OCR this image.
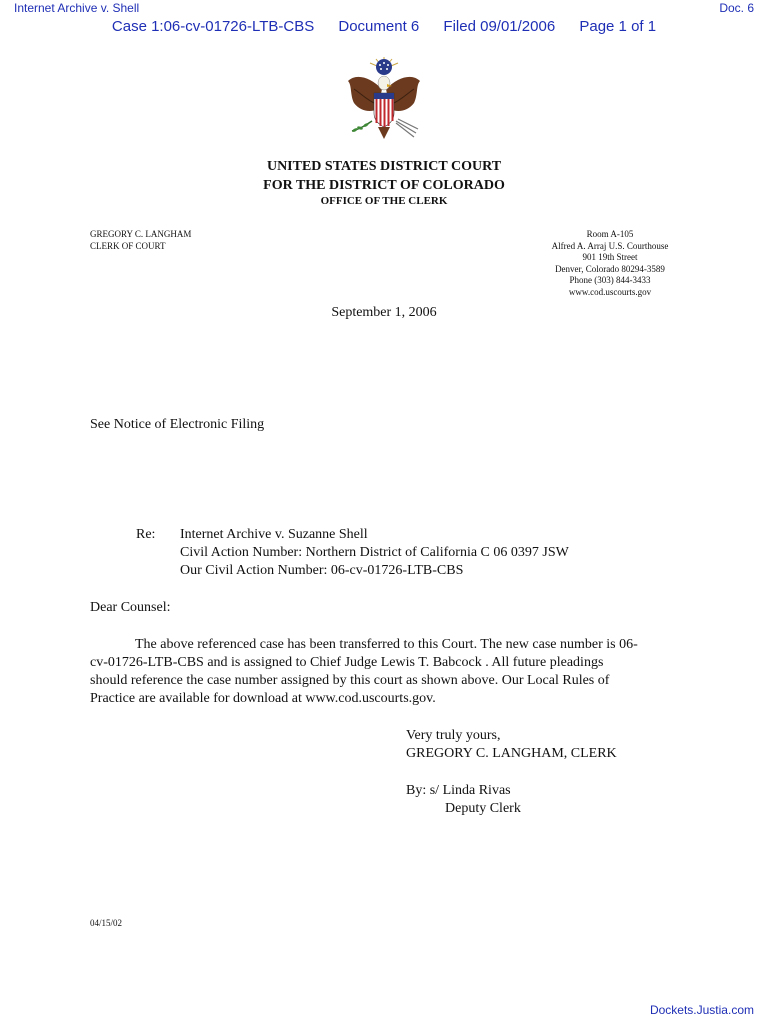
Internet Archive v. Shell	Doc. 6
Case 1:06-cv-01726-LTB-CBS Document 6 Filed 09/01/2006 Page 1 of 1
UNITED STATES DISTRICT COURT
FOR THE DISTRICT OF COLORADO
OFFICE OF THE CLERK
GREGORY C. LANGHAM
CLERK OF COURT
Room A-105
Alfred A. Arraj U.S. Courthouse
901 19th Street
Denver, Colorado 80294-3589
Phone (303) 844-3433
www.cod.uscourts.gov
September 1, 2006
See Notice of Electronic Filing
Re: Internet Archive v. Suzanne Shell
Civil Action Number: Northern District of California C 06 0397 JSW
Our Civil Action Number: 06-cv-01726-LTB-CBS
Dear Counsel:
The above referenced case has been transferred to this Court. The new case number is 06-
cv-01726-LTB-CBS and is assigned to Chief Judge Lewis T. Babcock . All future pleadings
should reference the case number assigned by this court as shown above. Our Local Rules of
Practice are available for download at www.cod.uscourts.gov.
Very truly yours,
GREGORY C. LANGHAM, CLERK
By: s/ Linda Rivas
Deputy Clerk
04/15/02
Dockets.Justia.com
